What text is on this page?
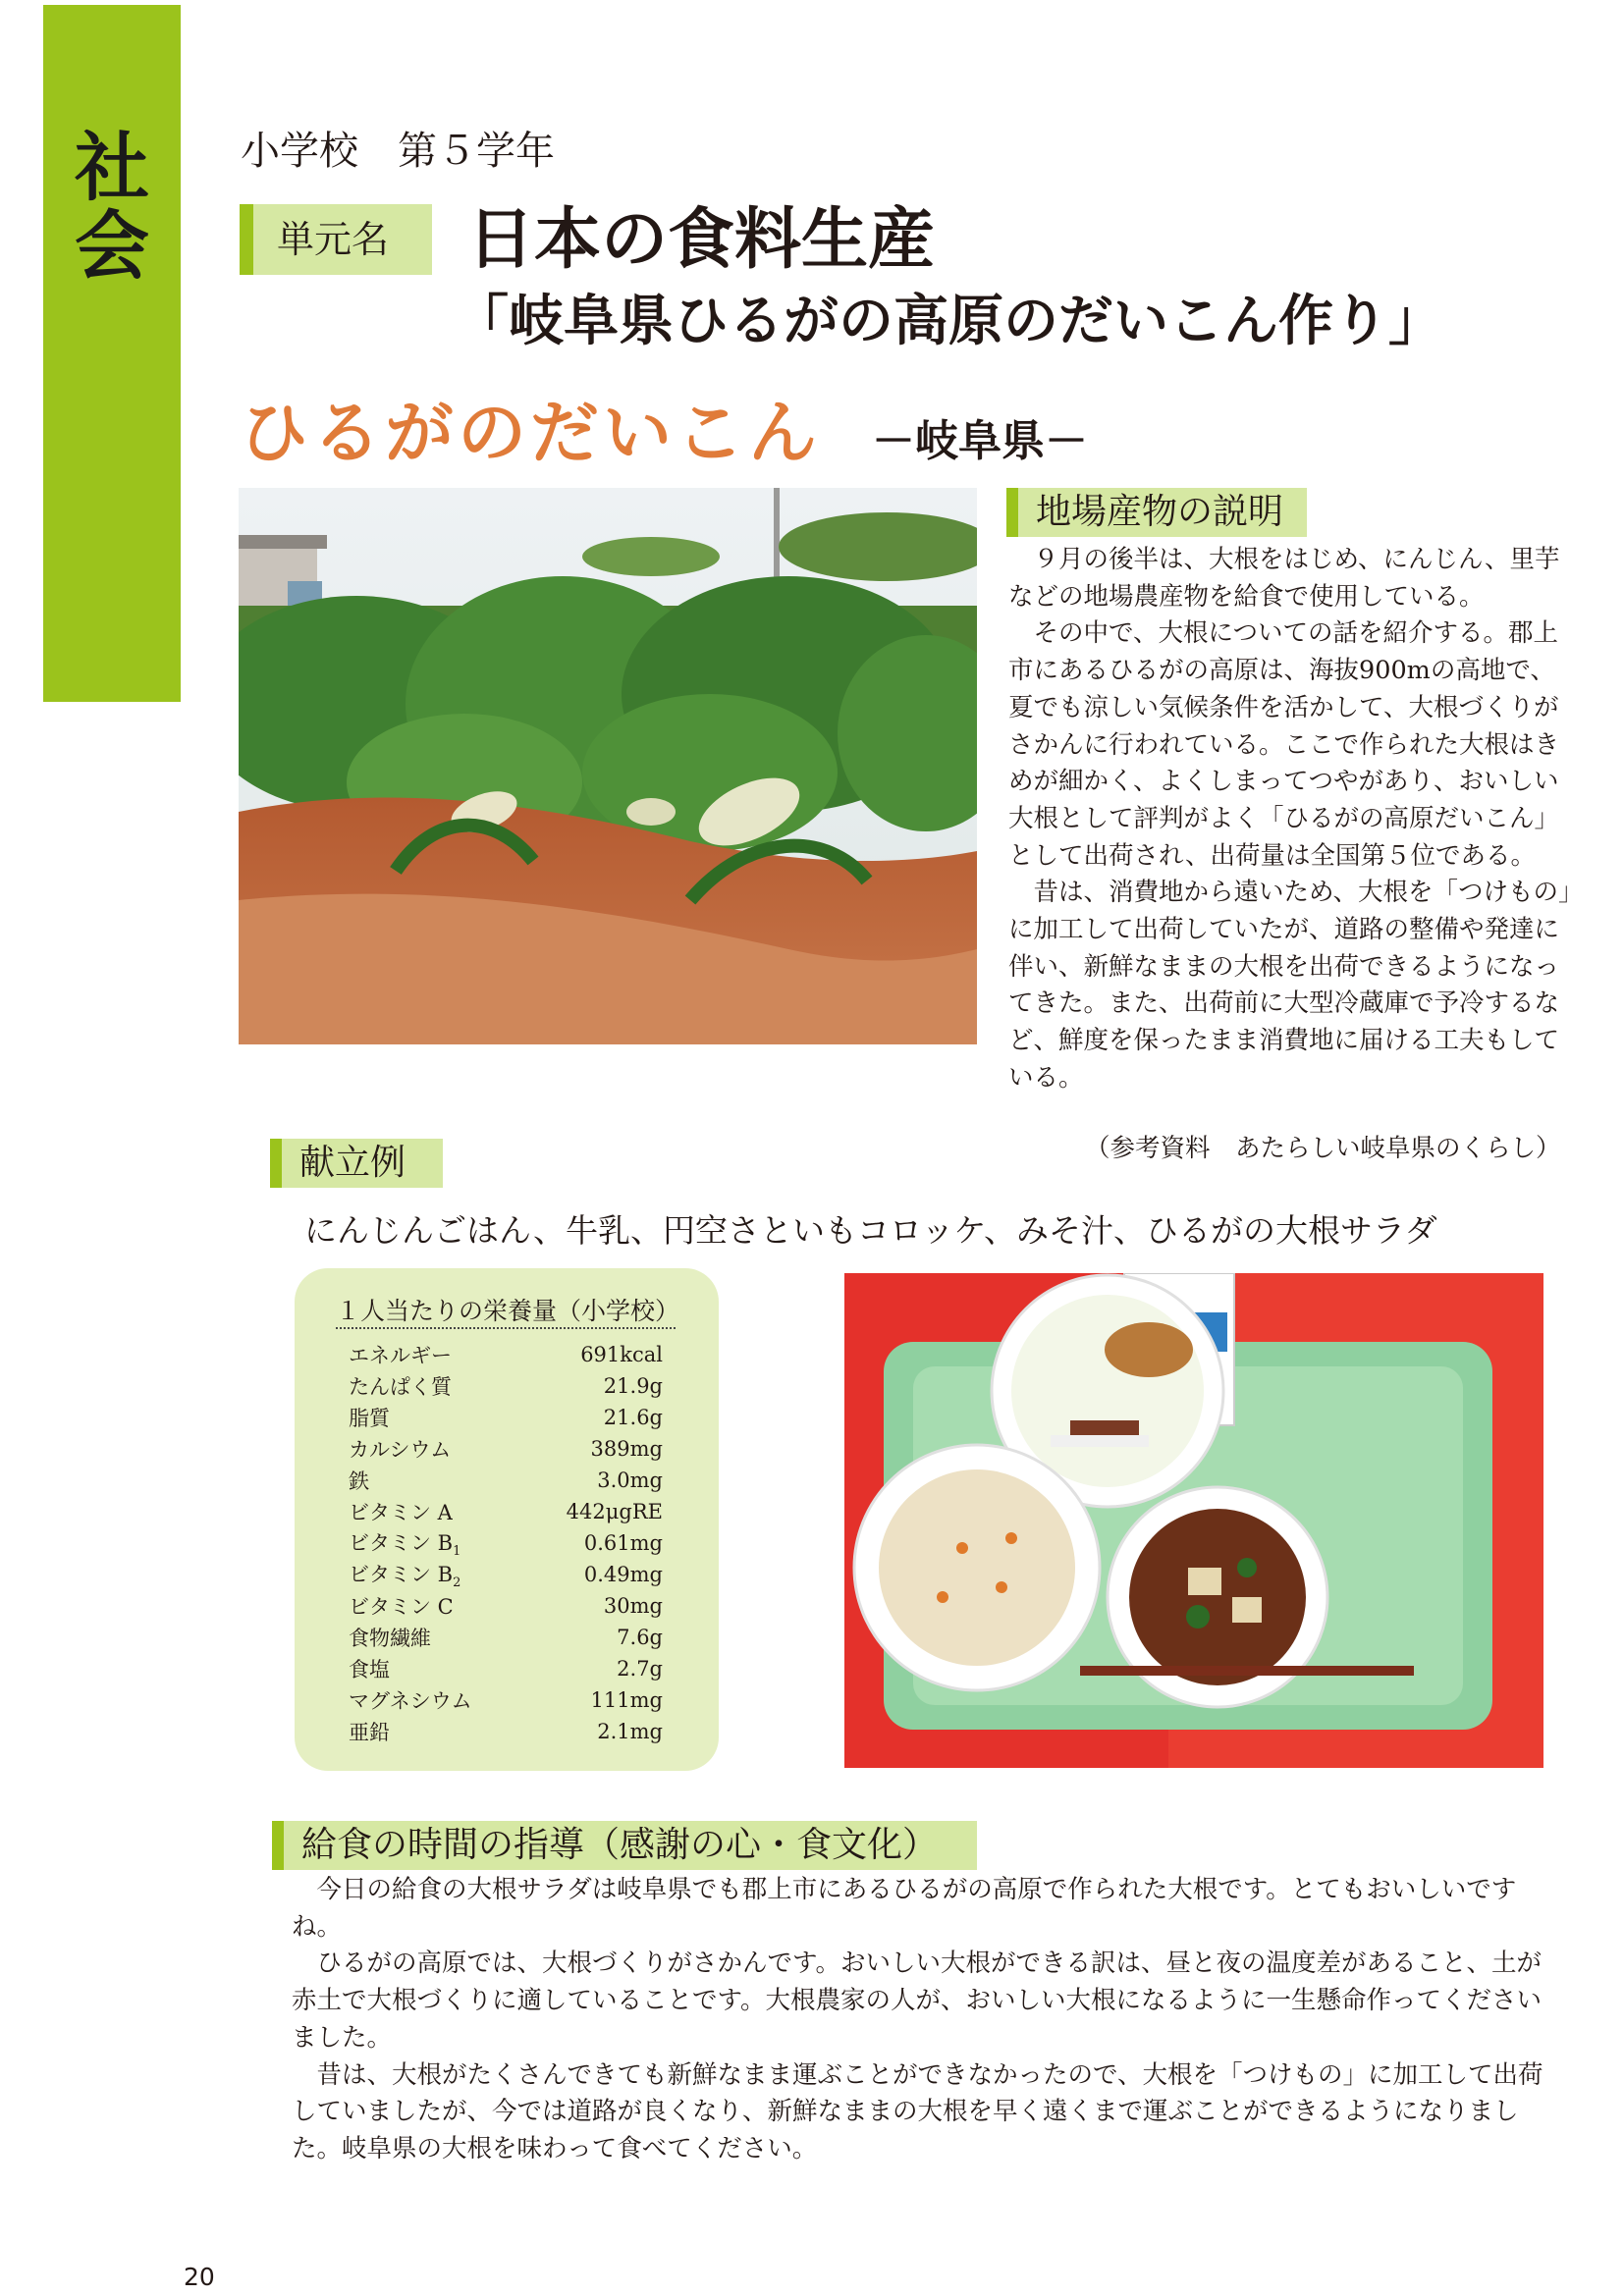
社
会
小学校　第５学年
単元名	日本の食料生産
「岐阜県ひるがの高原のだいこん作り」
ひるがのだいこん －岐阜県－
地場産物の説明

９月の後半は、大根をはじめ、にんじん、里芋などの地場農産物を給食で使用している。

その中で、大根についての話を紹介する。郡上市にあるひるがの高原は、海抜900mの高地で、夏でも涼しい気候条件を活かして、大根づくりがさかんに行われている。ここで作られた大根はきめが細かく、よくしまってつやがあり、おいしい大根として評判がよく「ひるがの高原だいこん」として出荷され、出荷量は全国第５位である。

昔は、消費地から遠いため、大根を「つけもの」に加工して出荷していたが、道路の整備や発達に伴い、新鮮なままの大根を出荷できるようになってきた。また、出荷前に大型冷蔵庫で予冷するなど、鮮度を保ったまま消費地に届ける工夫もしている。

（参考資料　あたらしい岐阜県のくらし）
献立例
にんじんごはん、牛乳、円空さといもコロッケ、みそ汁、ひるがの大根サラダ
１人当たりの栄養量（小学校）
エネルギー	691kcal
たんぱく質	21.9g
脂質	21.6g
カルシウム	389mg
鉄	3.0mg
ビタミン A	442μgRE
ビタミン $B_1$	0.61mg
ビタミン $B_2$	0.49mg
ビタミン C	30mg
食物繊維	7.6g
食塩	2.7g
マグネシウム	111mg
亜鉛	2.1mg
給食の時間の指導（感謝の心・食文化）

今日の給食の大根サラダは岐阜県でも郡上市にあるひるがの高原で作られた大根です。とてもおいしいですね。

ひるがの高原では、大根づくりがさかんです。おいしい大根ができる訳は、昼と夜の温度差があること、土が赤土で大根づくりに適していることです。大根農家の人が、おいしい大根になるように一生懸命作ってくださいました。

昔は、大根がたくさんできても新鮮なまま運ぶことができなかったので、大根を「つけもの」に加工して出荷していましたが、今では道路が良くなり、新鮮なままの大根を早く遠くまで運ぶことができるようになりました。岐阜県の大根を味わって食べてください。

20
